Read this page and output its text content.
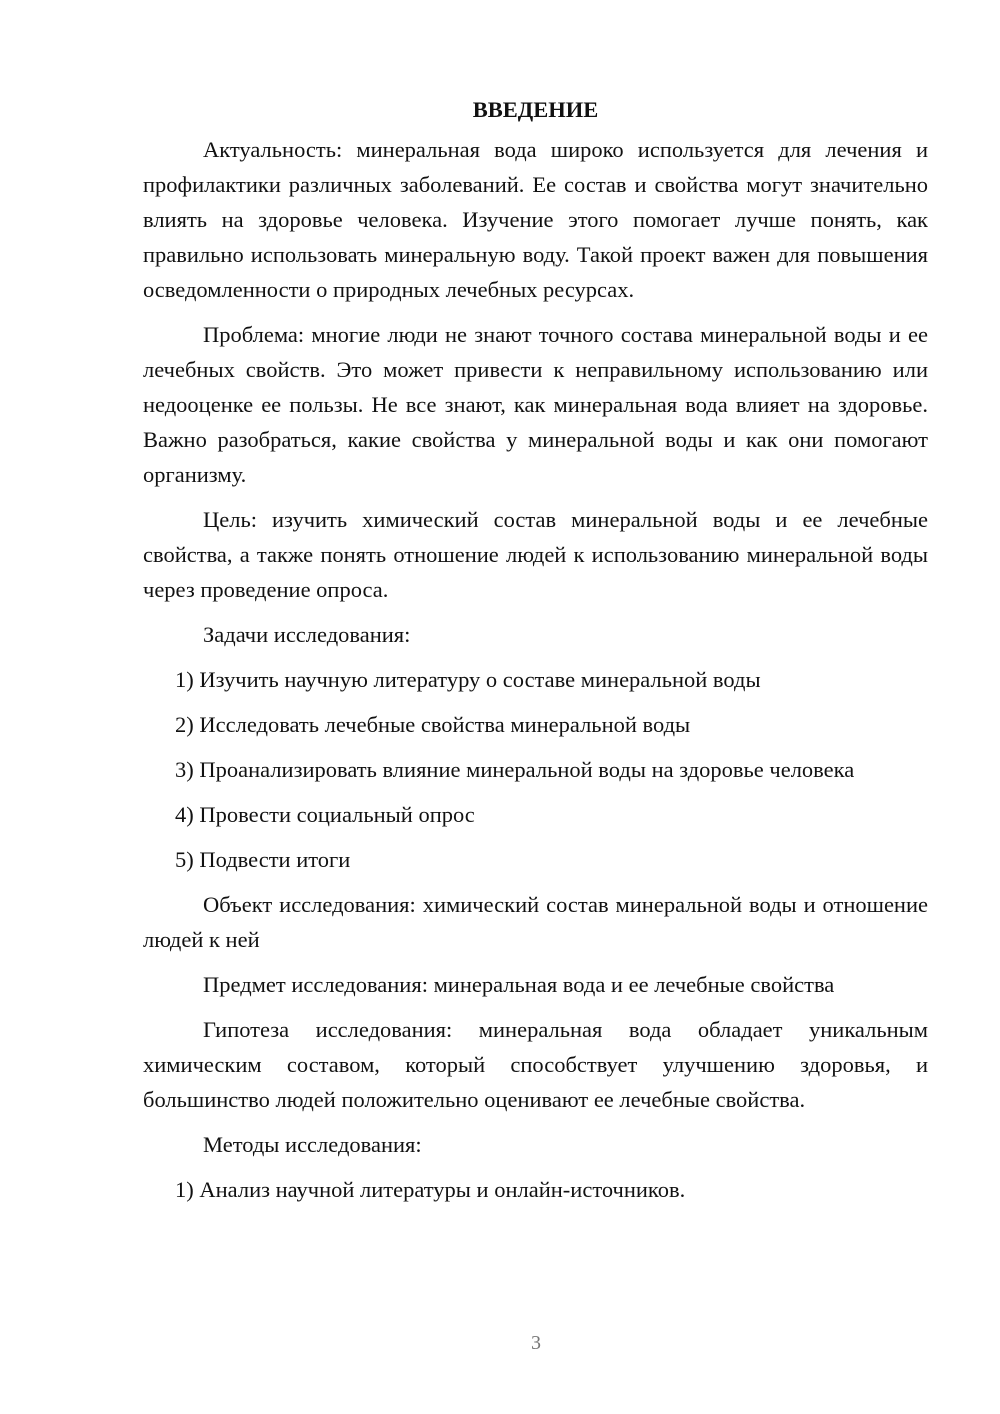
ВВЕДЕНИЕ

Актуальность: минеральная вода широко используется для лечения и профилактики различных заболеваний. Ее состав и свойства могут значительно влиять на здоровье человека. Изучение этого помогает лучше понять, как правильно использовать минеральную воду. Такой проект важен для повышения осведомленности о природных лечебных ресурсах.

Проблема: многие люди не знают точного состава минеральной воды и ее лечебных свойств. Это может привести к неправильному использованию или недооценке ее пользы. Не все знают, как минеральная вода влияет на здоровье. Важно разобраться, какие свойства у минеральной воды и как они помогают организму.

Цель: изучить химический состав минеральной воды и ее лечебные свойства, а также понять отношение людей к использованию минеральной воды через проведение опроса.

Задачи исследования:

1) Изучить научную литературу о составе минеральной воды

2) Исследовать лечебные свойства минеральной воды

3) Проанализировать влияние минеральной воды на здоровье человека

4) Провести социальный опрос

5) Подвести итоги

Объект исследования: химический состав минеральной воды и отношение людей к ней

Предмет исследования: минеральная вода и ее лечебные свойства

Гипотеза исследования: минеральная вода обладает уникальным химическим составом, который способствует улучшению здоровья, и большинство людей положительно оценивают ее лечебные свойства.

Методы исследования:

1) Анализ научной литературы и онлайн-источников.

3
